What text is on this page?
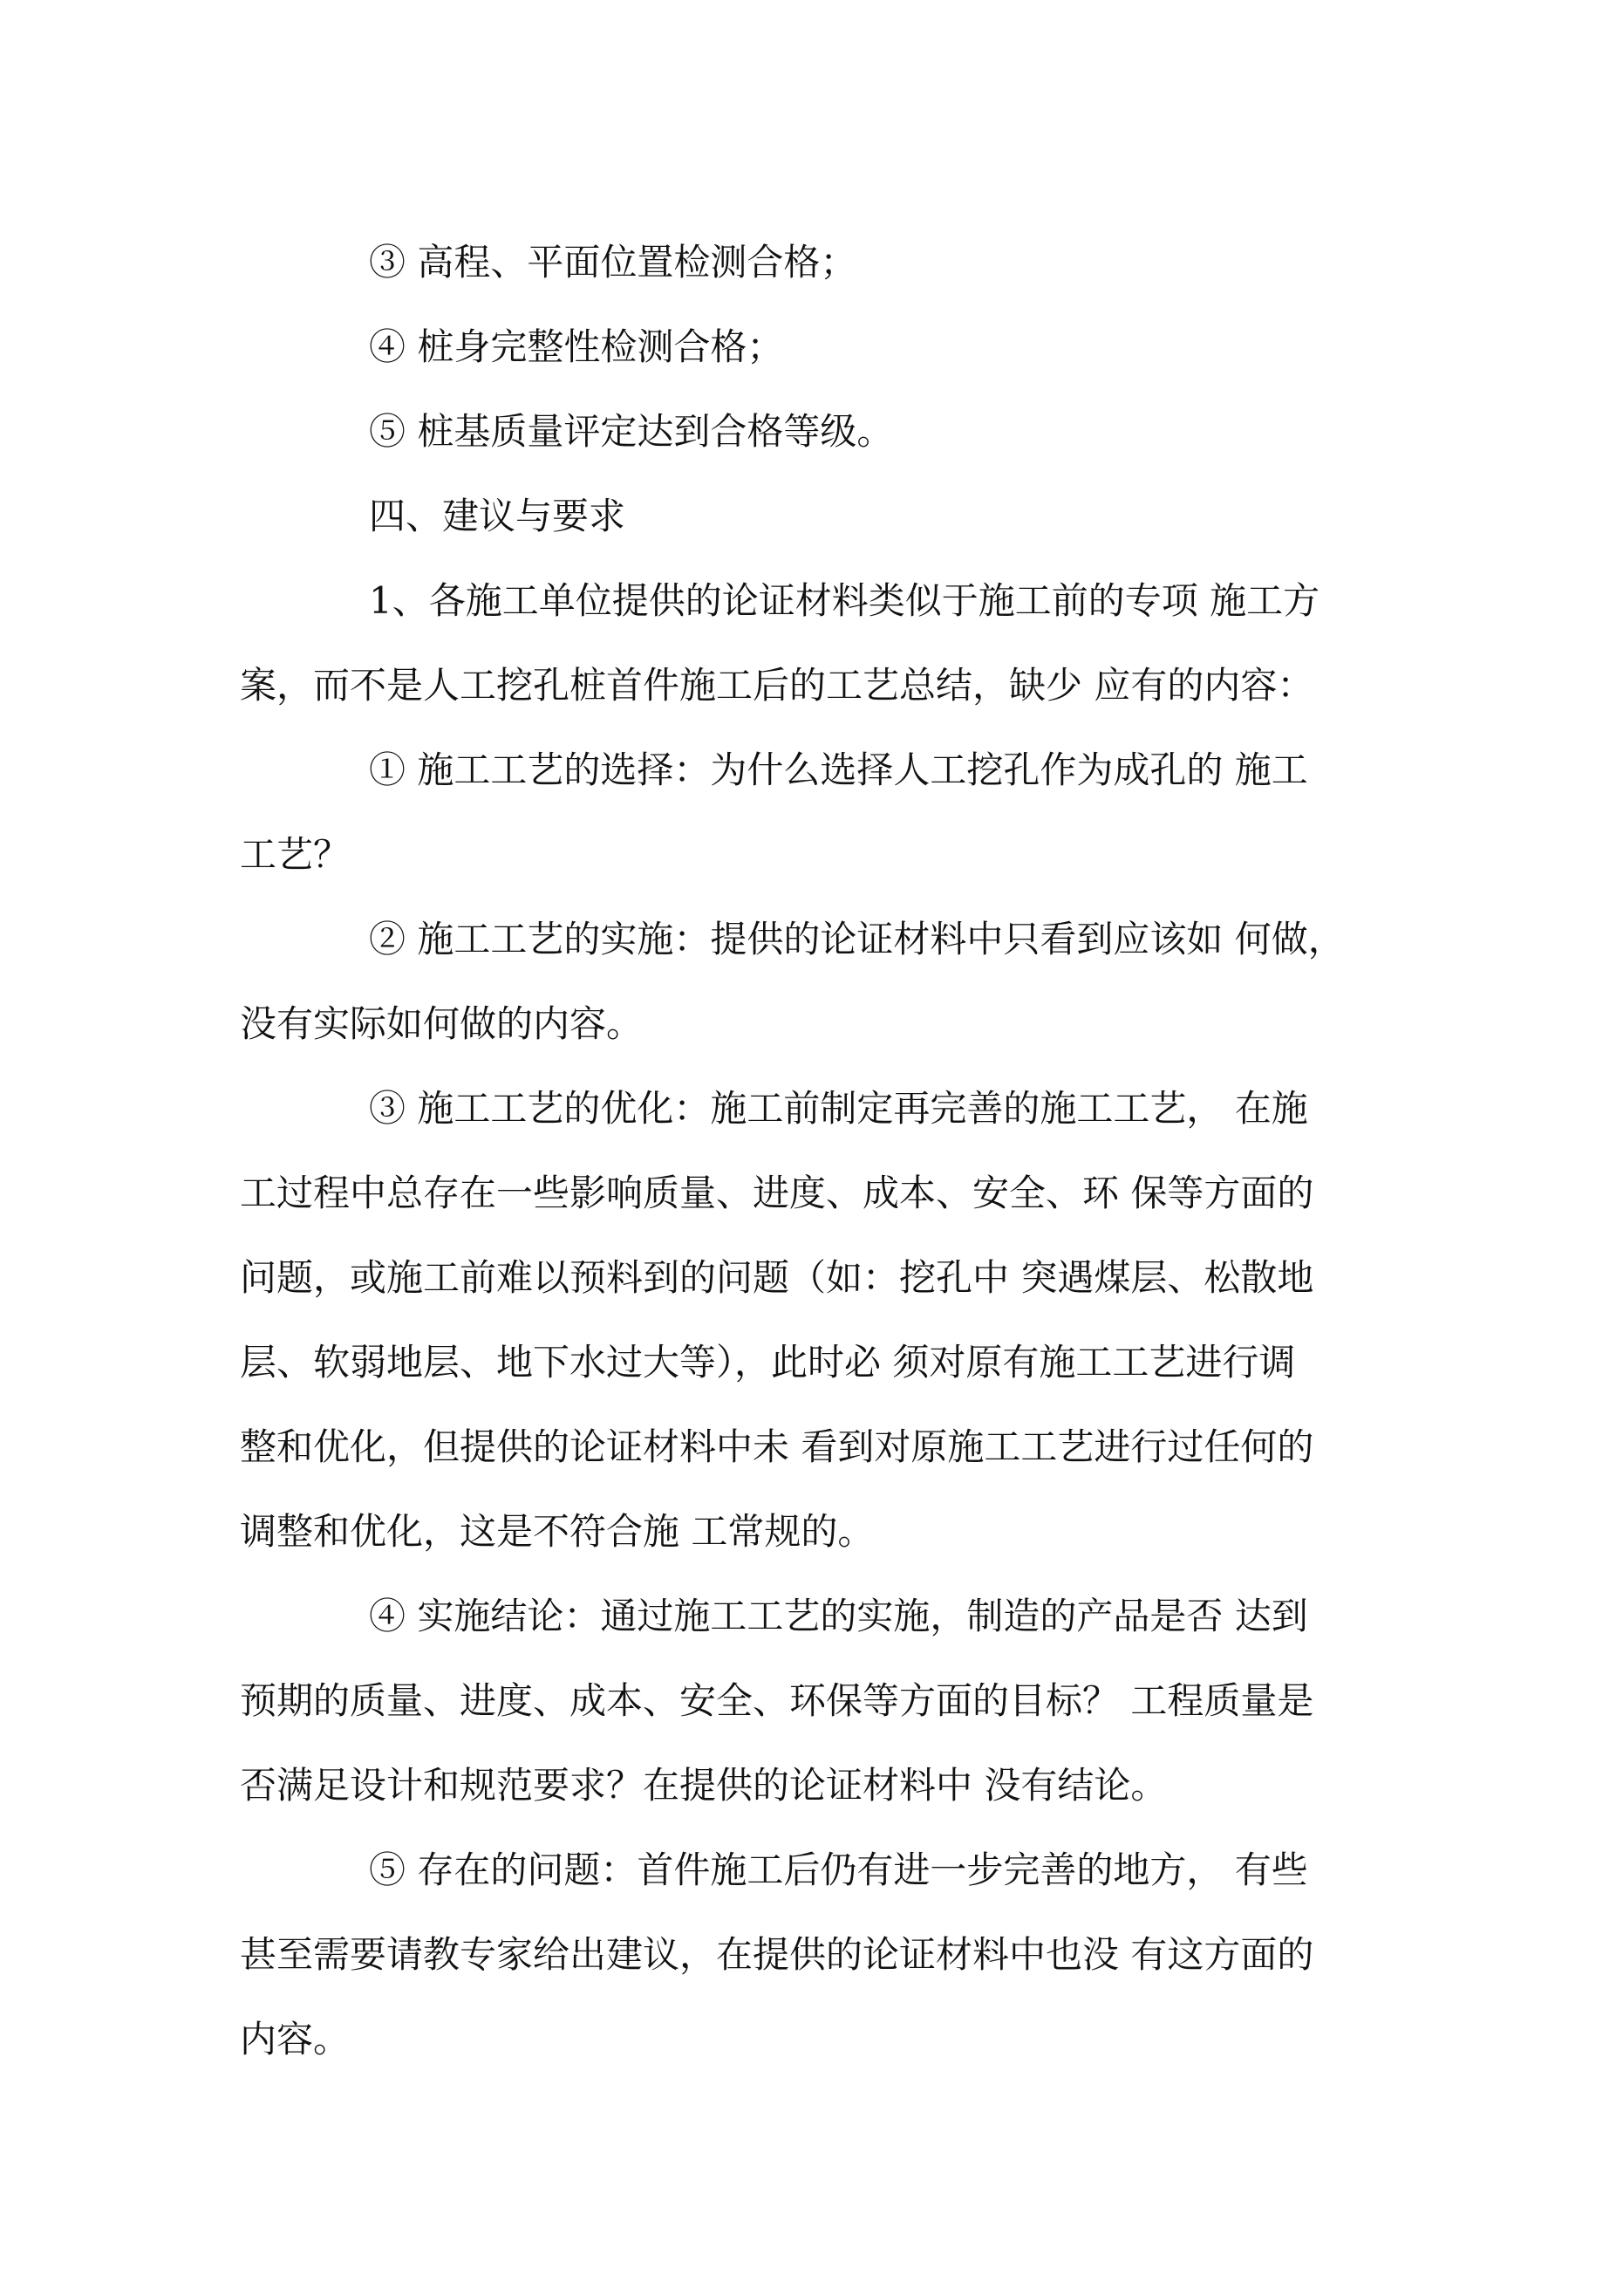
③ 高程、平面位置检测合格；
④ 桩身完整性检测合格；
⑤ 桩基质量评定达到合格等级。
四、建议与要求
1、各施工单位提供的论证材料类似于施工前的专项 施工方
案，而不是人工挖孔桩首件施工后的工艺总结，缺少 应有的内容：
① 施工工艺的选择：为什么选择人工挖孔作为成孔的 施工
工艺？
② 施工工艺的实施：提供的论证材料中只看到应该如 何做，
没有实际如何做的内容。
③ 施工工艺的优化：施工前制定再完善的施工工艺， 在施
工过程中总存在一些影响质量、进度、成本、安全、环 保等方面的
问题，或施工前难以预料到的问题（如：挖孔中 突遇煤层、松散地
层、软弱地层、地下水过大等），此时必 须对原有施工工艺进行调
整和优化，但提供的论证材料中未 看到对原施工工艺进行过任何的
调整和优化，这是不符合施 工常规的。
④ 实施结论：通过施工工艺的实施，制造的产品是否 达到
预期的质量、进度、成本、安全、环保等方面的目标？ 工程质量是
否满足设计和规范要求？在提供的论证材料中 没有结论。
⑤ 存在的问题：首件施工后仍有进一步完善的地方， 有些
甚至需要请教专家给出建议，在提供的论证材料中也没 有这方面的
内容。
